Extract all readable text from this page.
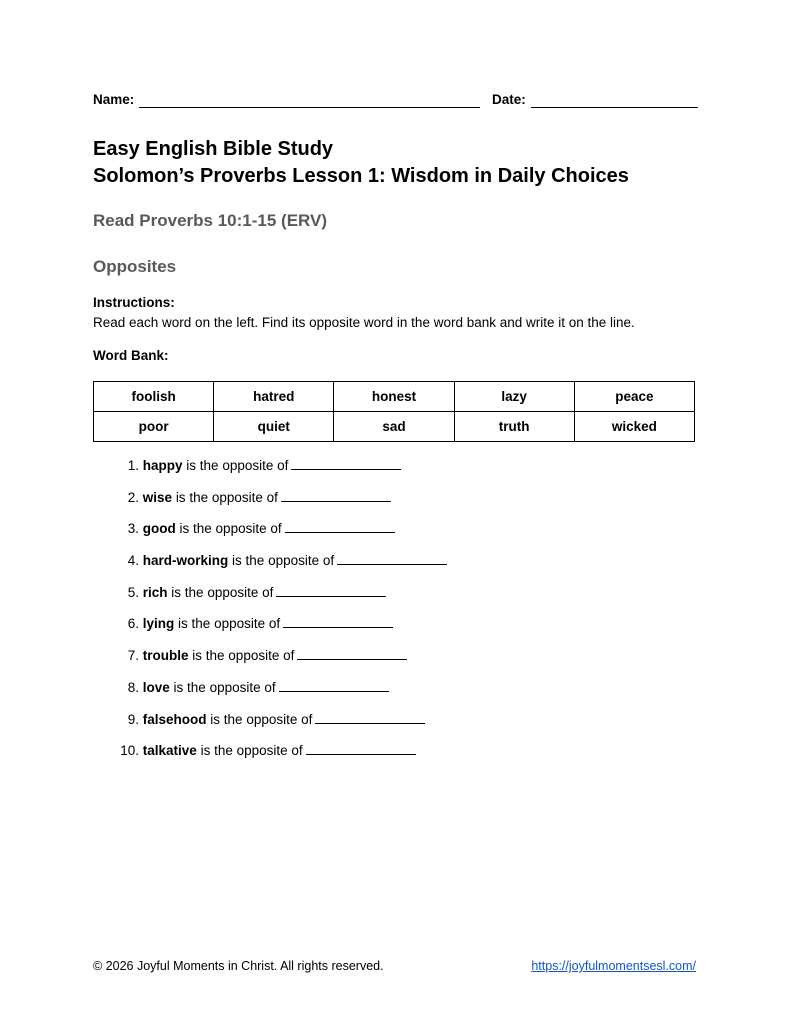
Name:	Date:
Easy English Bible Study
Solomon’s Proverbs Lesson 1: Wisdom in Daily Choices
Read Proverbs 10:1-15 (ERV)
Opposites
Instructions:
Read each word on the left. Find its opposite word in the word bank and write it on the line.
Word Bank:
foolish	hatred	honest	lazy	peace
poor	quiet	sad	truth	wicked
1. happy is the opposite of
2. wise is the opposite of
3. good is the opposite of
4. hard-working is the opposite of
5. rich is the opposite of
6. lying is the opposite of
7. trouble is the opposite of
8. love is the opposite of
9. falsehood is the opposite of
10. talkative is the opposite of
© 2026 Joyful Moments in Christ. All rights reserved.	https://joyfulmomentsesl.com/
